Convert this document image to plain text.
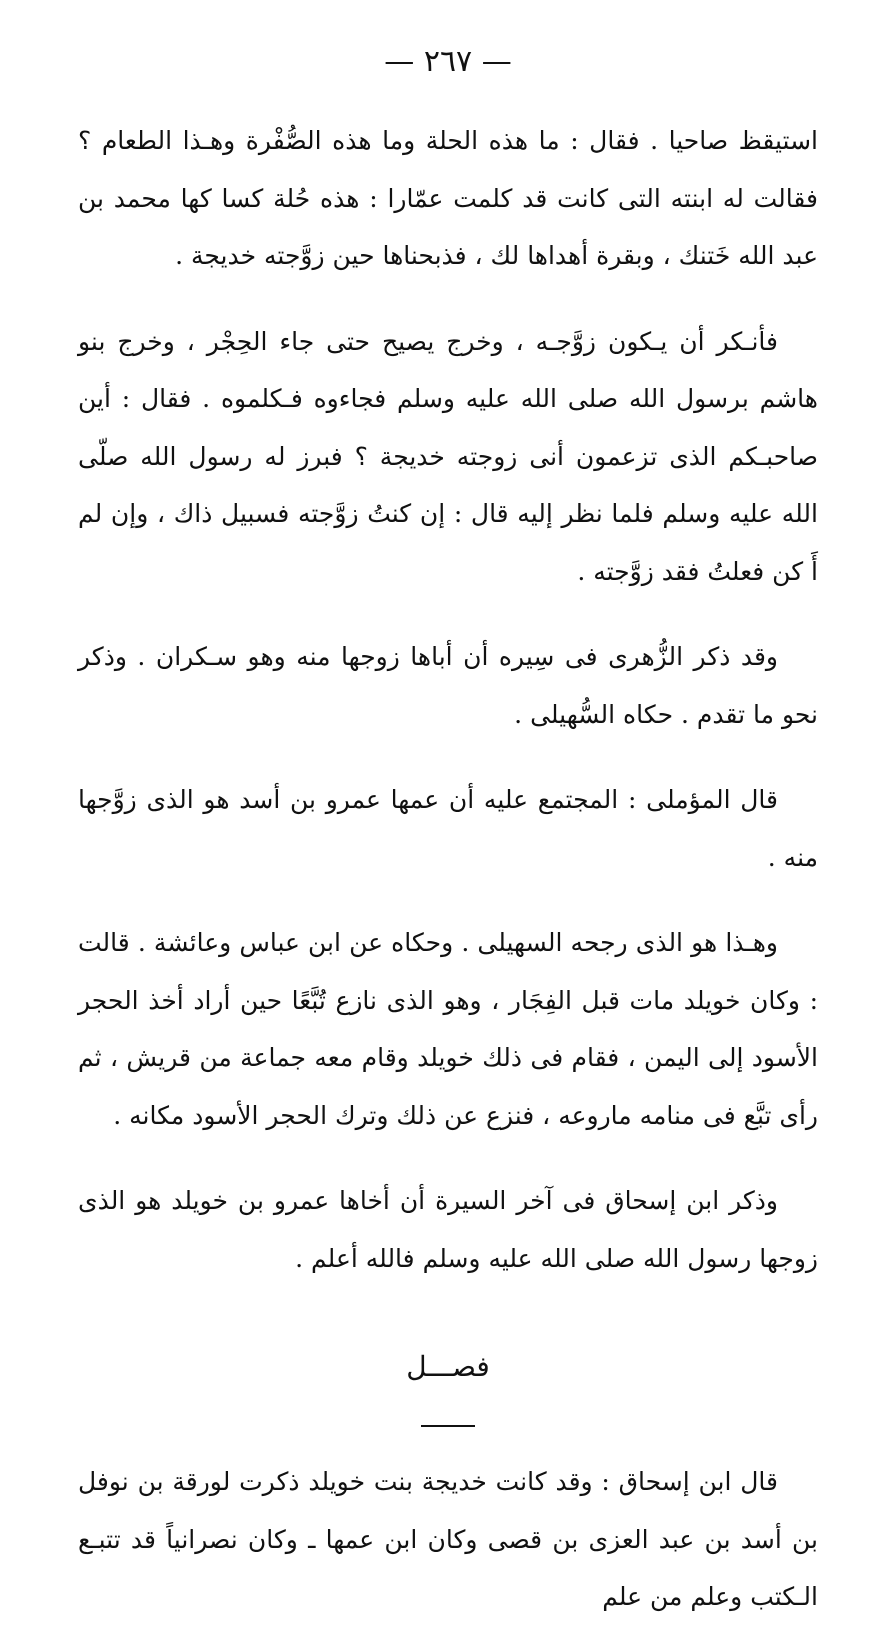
— ٢٦٧ —

استيقظ صاحيا . فقال : ما هذه الحلة وما هذه الصُّفْرة وهـذا الطعام ؟ فقالت له ابنته التى كانت قد كلمت عمّارا : هذه حُلة كسا كها محمد بن عبد الله خَتنك ، وبقرة أهداها لك ، فذبحناها حين زوَّجته خديجة .

فأنـكر أن يـكون زوَّجـه ، وخرج يصيح حتى جاء الحِجْر ، وخرج بنو هاشم برسول الله صلى الله عليه وسلم فجاءوه فـكلموه . فقال : أين صاحبـكم الذى تزعمون أنى زوجته خديجة ؟ فبرز له رسول الله صلّى الله عليه وسلم فلما نظر إليه قال : إن كنتُ زوَّجته فسبيل ذاك ، وإن لم أَ كن فعلتُ فقد زوَّجته .

وقد ذكر الزُّهرى فى سِيره أن أباها زوجها منه وهو سـكران . وذكر نحو ما تقدم . حكاه السُّهيلى .

قال المؤملى : المجتمع عليه أن عمها عمرو بن أسد هو الذى زوَّجها منه .

وهـذا هو الذى رجحه السهيلى . وحكاه عن ابن عباس وعائشة . قالت : وكان خويلد مات قبل الفِجَار ، وهو الذى نازع تُبَّعًا حين أراد أخذ الحجر الأسود إلى اليمن ، فقام فى ذلك خويلد وقام معه جماعة من قريش ، ثم رأى تبَّع فى منامه ماروعه ، فنزع عن ذلك وترك الحجر الأسود مكانه .

وذكر ابن إسحاق فى آخر السيرة أن أخاها عمرو بن خويلد هو الذى زوجها رسول الله صلى الله عليه وسلم فالله أعلم .

فصـــل

قال ابن إسحاق : وقد كانت خديجة بنت خويلد ذكرت لورقة بن نوفل بن أسد بن عبد العزى بن قصى وكان ابن عمها ـ وكان نصرانياً قد تتبـع الـكتب وعلم من علم
